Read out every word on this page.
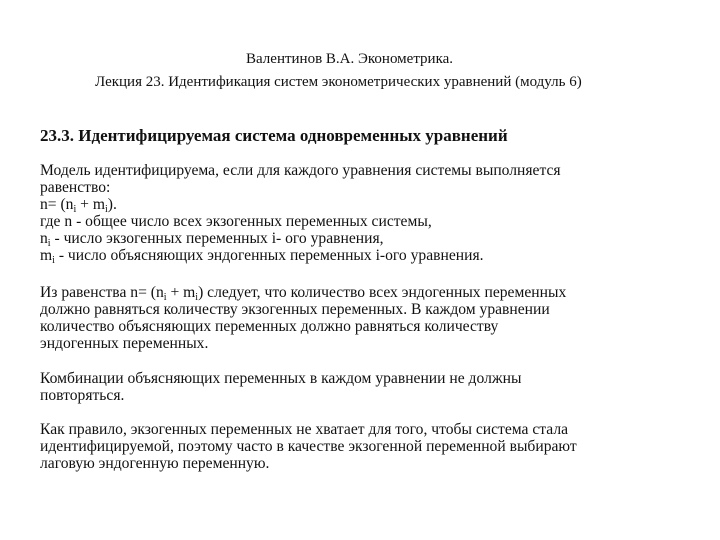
Валентинов В.А. Эконометрика.
Лекция 23. Идентификация систем эконометрических уравнений (модуль 6)
23.3. Идентифицируемая система одновременных уравнений
Модель идентифицируема, если для каждого уравнения системы выполняется
равенство:
$n= (n_i + m_i)$.
где n - общее число всех экзогенных переменных системы,
$n_i$ - число экзогенных переменных i- ого уравнения,
$m_i$ - число объясняющих эндогенных переменных i-ого уравнения.
Из равенства $n= (n_i + m_i)$ следует, что количество всех эндогенных переменных
должно равняться количеству экзогенных переменных. В каждом уравнении
количество объясняющих переменных должно равняться количеству
эндогенных переменных.
Комбинации объясняющих переменных в каждом уравнении не должны
повторяться.
Как правило, экзогенных переменных не хватает для того, чтобы система стала
идентифицируемой, поэтому часто в качестве экзогенной переменной выбирают
лаговую эндогенную переменную.
